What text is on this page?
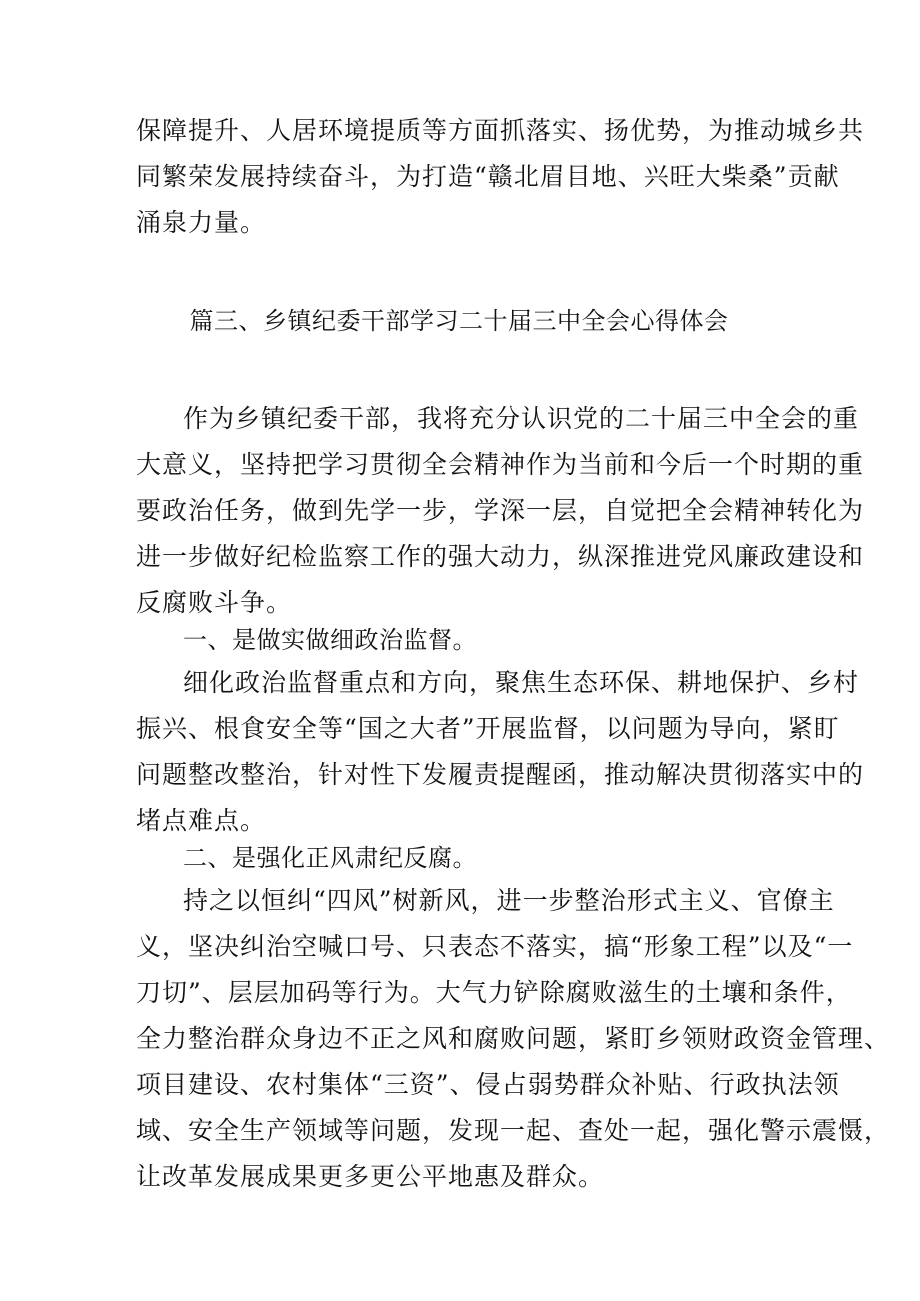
保障提升、人居环境提质等方面抓落实、扬优势，为推动城乡共
同繁荣发展持续奋斗，为打造“赣北眉目地、兴旺大柴桑”贡献
涌泉力量。
篇三、乡镇纪委干部学习二十届三中全会心得体会
作为乡镇纪委干部，我将充分认识党的二十届三中全会的重
大意义，坚持把学习贯彻全会精神作为当前和今后一个时期的重
要政治任务，做到先学一步，学深一层，自觉把全会精神转化为
进一步做好纪检监察工作的强大动力，纵深推进党风廉政建设和
反腐败斗争。
一、是做实做细政治监督。
细化政治监督重点和方向，聚焦生态环保、耕地保护、乡村
振兴、根食安全等“国之大者”开展监督，以问题为导向，紧盯
问题整改整治，针对性下发履责提醒函，推动解决贯彻落实中的
堵点难点。
二、是强化正风肃纪反腐。
持之以恒纠“四风”树新风，进一步整治形式主义、官僚主
义，坚决纠治空喊口号、只表态不落实，搞“形象工程”以及“一
刀切”、层层加码等行为。大气力铲除腐败滋生的土壤和条件，
全力整治群众身边不正之风和腐败问题，紧盯乡领财政资金管理、
项目建设、农村集体“三资”、侵占弱势群众补贴、行政执法领
域、安全生产领域等问题，发现一起、查处一起，强化警示震慑，
让改革发展成果更多更公平地惠及群众。
